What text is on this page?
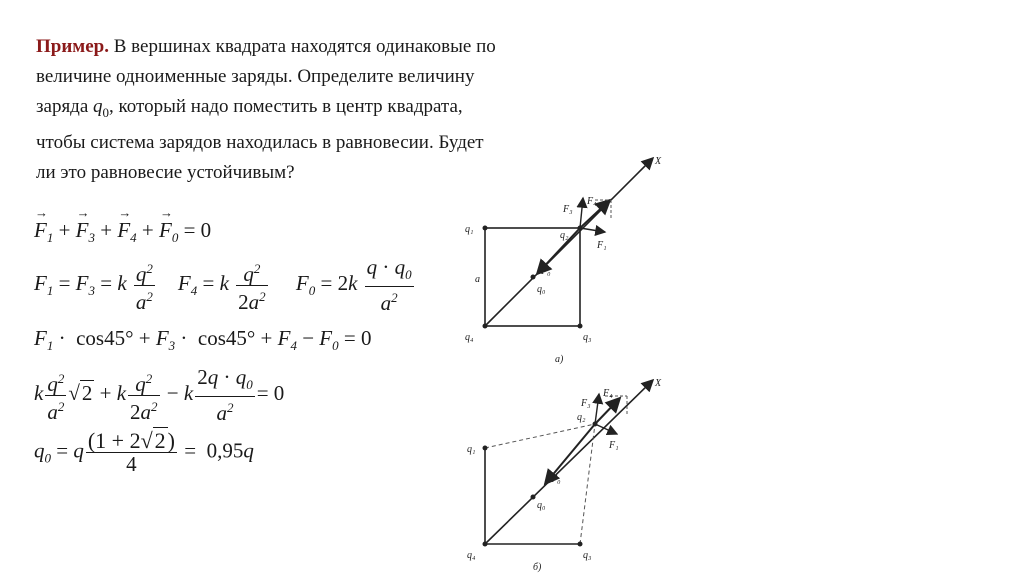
Пример. В вершинах квадрата находятся одинаковые по
величине одноименные заряды. Определите величину
заряда $q_0$, который надо поместить в центр квадрата,
чтобы система зарядов находилась в равновесии. Будет
ли это равновесие устойчивым?
→ $F_1$ + → $F_3$ + → $F_4$ + → $F_0 = 0$
$F_1 = F_3 = k \frac{q^2}{a^2} F_4 = k \frac{q^2}{2a^2} F_0 = 2k \frac{q \cdot q_0}{a^2}$
$F_1 \cdot \cos 45^\circ + F_3 \cdot \cos 45^\circ + F_4 - F_0 = 0$
k $\frac{q^2}{a^2} √2 + k \frac{q^2}{2a^2} - k \frac{2q \cdot q_0}{a^2} = 0$
$q_0 = q \frac{(1 + 2√2)}{4} = 0,95q$
q₁
q₂
q₃
q₄
q₀
a
X
F₃
F₄
F₁
F₀
а)
q₁
q₂
q₃
q₄
q₀
X
F₃
F₄
F₁
F₀
б)
